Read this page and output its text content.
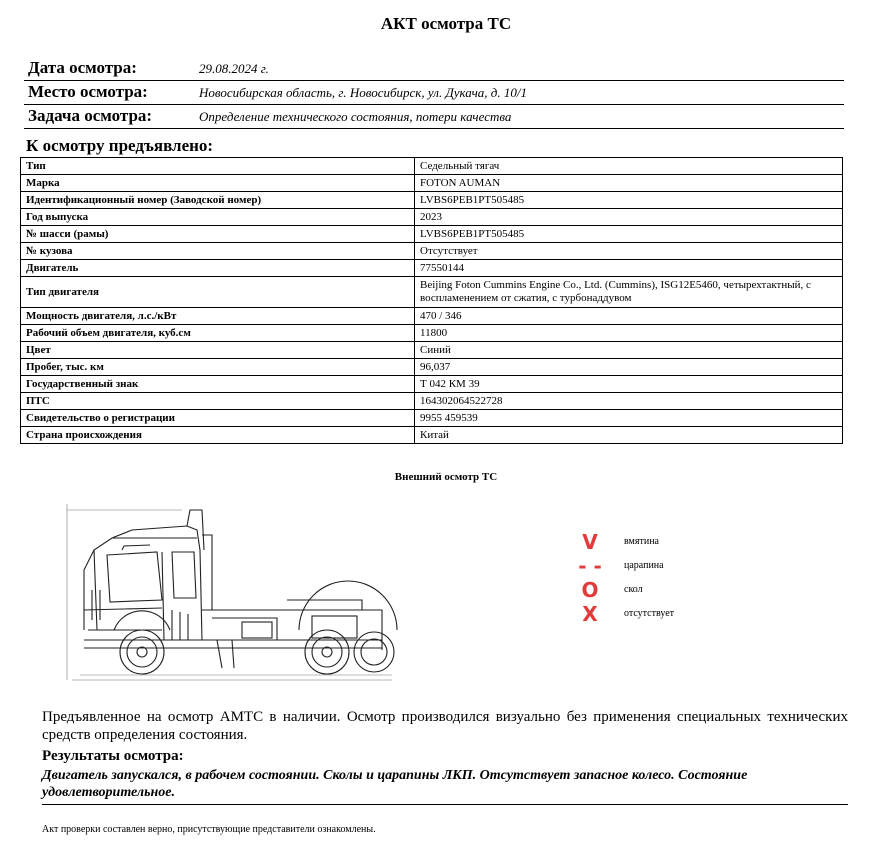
АКТ осмотра ТС
Дата осмотра:	29.08.2024 г.
Место осмотра:	Новосибирская область, г. Новосибирск, ул. Дукача, д. 10/1
Задача осмотра:	Определение технического состояния, потери качества
К осмотру предъявлено:
Тип	Седельный тягач
Марка	FOTON AUMAN
Идентификационный номер (Заводской номер)	LVBS6PEB1PT505485
Год выпуска	2023
№ шасси (рамы)	LVBS6PEB1PT505485
№ кузова	Отсутствует
Двигатель	77550144
Тип двигателя	Beijing Foton Cummins Engine Co., Ltd. (Cummins), ISG12E5460, четырехтактный, с воспламенением от сжатия, с турбонаддувом
Мощность двигателя, л.с./кВт	470 / 346
Рабочий объем двигателя, куб.см	11800
Цвет	Синий
Пробег, тыс. км	96,037
Государственный знак	Т 042 КМ 39
ПТС	164302064522728
Свидетельство о регистрации	9955 459539
Страна происхождения	Китай
Внешний осмотр ТС
V	вмятина
- -	царапина
O	скол
X	отсутствует
Предъявленное на осмотр АМТС в наличии. Осмотр производился визуально без применения специальных технических средств определения состояния.
Результаты осмотра:
Двигатель запускался, в рабочем состоянии. Сколы и царапины ЛКП. Отсутствует запасное колесо. Состояние удовлетворительное.
Акт проверки составлен верно, присутствующие представители ознакомлены.
